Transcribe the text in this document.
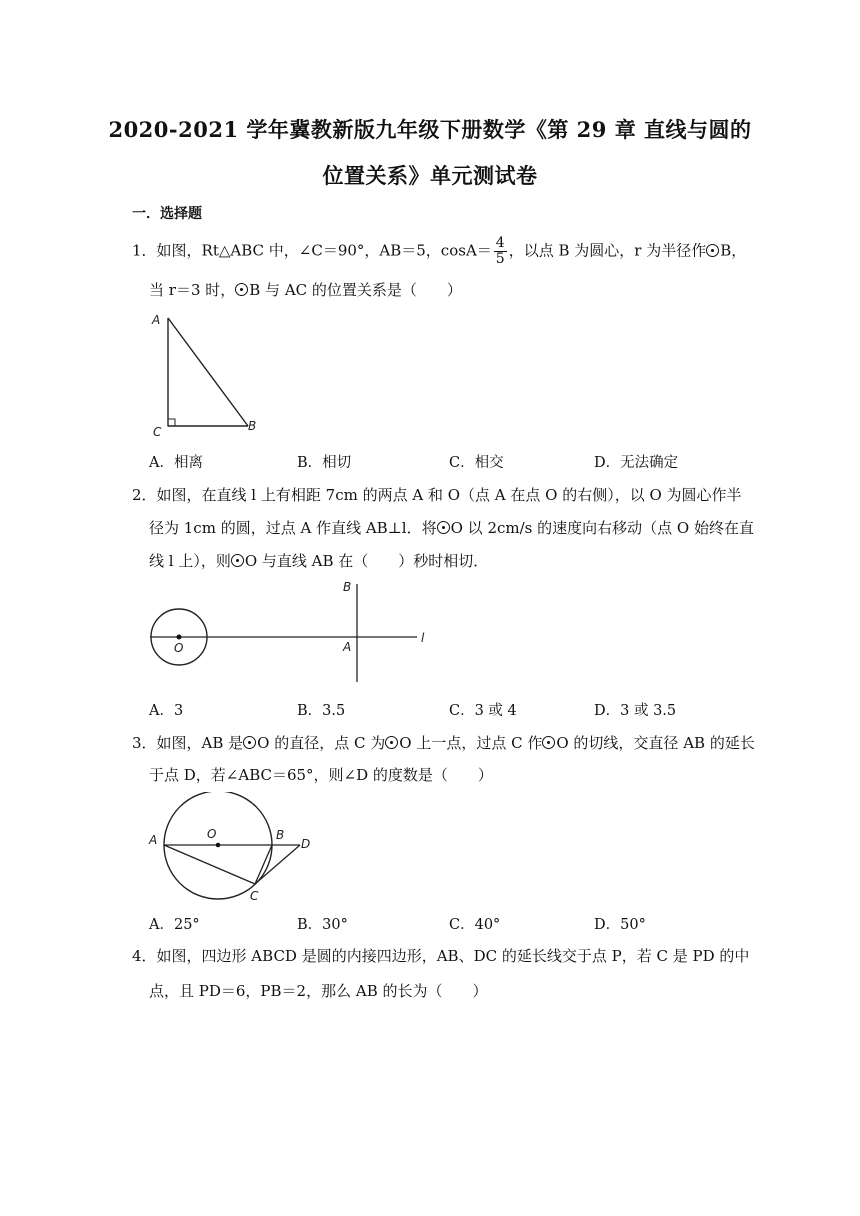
2020-2021 学年冀教新版九年级下册数学《第 29 章 直线与圆的
位置关系》单元测试卷
一．选择题
1．如图，Rt△ABC 中，∠C＝90°，AB＝5，$\cos A= \frac{4}{5}$ ，以点 B 为圆心，r 为半径作 B，
当 r＝3 时， B 与 AC 的位置关系是（　　）
A
C	B
A．相离	B．相切	C．相交	D．无法确定
2．如图，在直线 l 上有相距 7cm 的两点 A 和 O（点 A 在点 O 的右侧），以 O 为圆心作半
径为 1cm 的圆，过点 A 作直线 AB⊥l．将 O 以 2cm/s 的速度向右移动（点 O 始终在直
线 l 上），则 O 与直线 AB 在（　　）秒时相切．
O
B
A
l
A．3	B．3.5	C．3 或 4	D．3 或 3.5
3．如图，AB 是 O 的直径，点 C 为 O 上一点，过点 C 作 O 的切线，交直径 AB 的延长
于点 D，若∠ABC＝65°，则∠D 的度数是（　　）
A	O	B
D
C
A．25°	B．30°	C．40°	D．50°
4．如图，四边形 ABCD 是圆的内接四边形，AB、DC 的延长线交于点 P，若 C 是 PD 的中
点，且 PD＝6，PB＝2，那么 AB 的长为（　　）
